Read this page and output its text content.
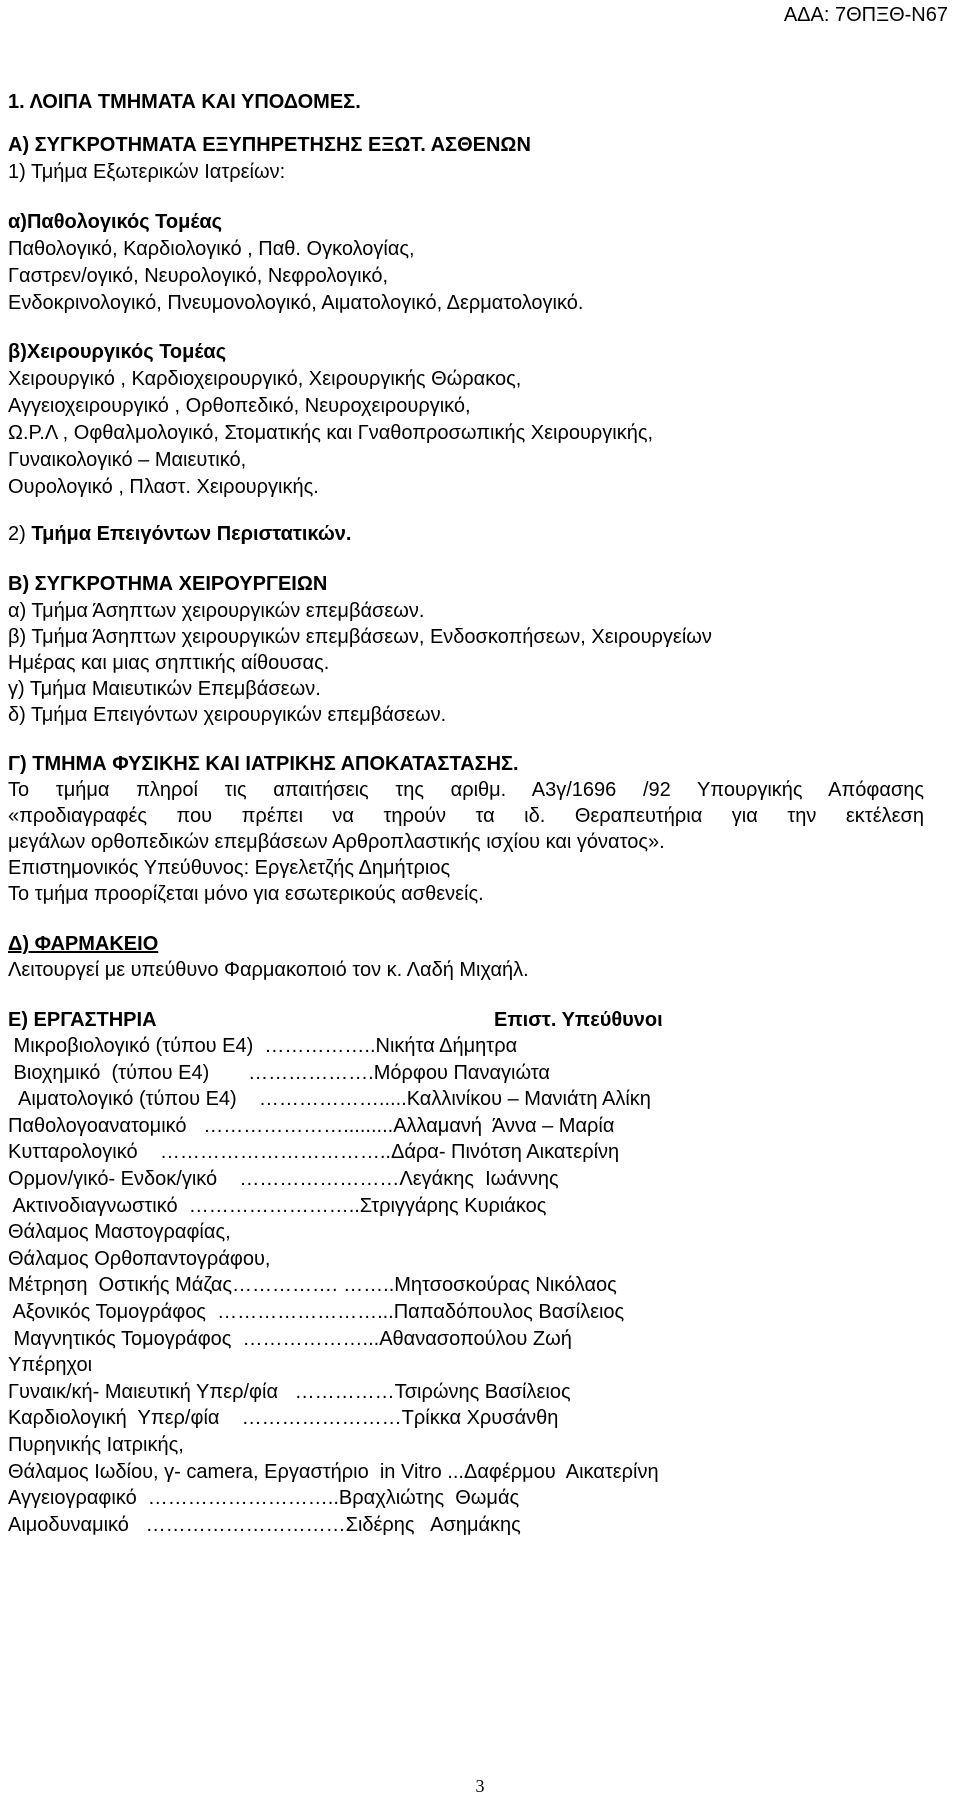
ΑΔΑ: 7ΘΠΞΘ-Ν67
1. ΛΟΙΠΑ ΤΜΗΜΑΤΑ ΚΑΙ ΥΠΟΔΟΜΕΣ.
Α) ΣΥΓΚΡΟΤΗΜΑΤΑ ΕΞΥΠΗΡΕΤΗΣΗΣ ΕΞΩΤ. ΑΣΘΕΝΩΝ
1) Τμήμα Εξωτερικών Ιατρείων:
α)Παθολογικός Τομέας
Παθολογικό, Καρδιολογικό , Παθ. Ογκολογίας,
Γαστρεν/ογικό, Νευρολογικό, Νεφρολογικό,
Ενδοκρινολογικό, Πνευμονολογικό, Αιματολογικό, Δερματολογικό.
β)Χειρουργικός Τομέας
Χειρουργικό , Καρδιοχειρουργικό, Χειρουργικής Θώρακος,
Αγγειοχειρουργικό , Ορθοπεδικό, Νευροχειρουργικό,
Ω.Ρ.Λ , Οφθαλμολογικό, Στοματικής και Γναθοπροσωπικής Χειρουργικής,
Γυναικολογικό – Μαιευτικό,
Ουρολογικό , Πλαστ. Χειρουργικής.
2) Τμήμα Επειγόντων Περιστατικών.
Β) ΣΥΓΚΡΟΤΗΜΑ ΧΕΙΡΟΥΡΓΕΙΩΝ
α) Τμήμα Άσηπτων χειρουργικών επεμβάσεων.
β) Τμήμα Άσηπτων χειρουργικών επεμβάσεων, Ενδοσκοπήσεων, Χειρουργείων
Ημέρας και μιας σηπτικής αίθουσας.
γ) Τμήμα Μαιευτικών Επεμβάσεων.
δ) Τμήμα Επειγόντων χειρουργικών επεμβάσεων.
Γ) ΤΜΗΜΑ ΦΥΣΙΚΗΣ ΚΑΙ ΙΑΤΡΙΚΗΣ ΑΠΟΚΑΤΑΣΤΑΣΗΣ.
Το τμήμα πληροί τις απαιτήσεις της αριθμ. Α3γ/1696 /92 Υπουργικής Απόφασης
«προδιαγραφές που πρέπει να τηρούν τα ιδ. Θεραπευτήρια για την εκτέλεση
μεγάλων ορθοπεδικών επεμβάσεων Αρθροπλαστικής ισχίου και γόνατος».
Επιστημονικός Υπεύθυνος: Εργελετζής Δημήτριος
Το τμήμα προορίζεται μόνο για εσωτερικούς ασθενείς.
Δ) ΦΑΡΜΑΚΕΙΟ
Λειτουργεί με υπεύθυνο Φαρμακοποιό τον κ. Λαδή Μιχαήλ.
Ε) ΕΡΓΑΣΤΗΡΙΑ	Επιστ. Υπεύθυνοι
Μικροβιολογικό (τύπου Ε4)  ……………..Νικήτα Δήμητρα
Βιοχημικό  (τύπου Ε4)       ……………….Μόρφου Παναγιώτα
Αιματολογικό (τύπου Ε4)    ……………….....Καλλινίκου – Μανιάτη Αλίκη
Παθολογοανατομικό   ………………….........Αλλαμανή  Άννα – Μαρία
Κυτταρολογικό    ……………………………..Δάρα- Πινότση Αικατερίνη
Ορμον/γικό- Ενδοκ/γικό    ……………………Λεγάκης  Ιωάννης
Ακτινοδιαγνωστικό  ……………………..Στριγγάρης Κυριάκος
Θάλαμος Μαστογραφίας,
Θάλαμος Ορθοπαντογράφου,
Μέτρηση  Οστικής Μάζας……………. ……..Μητσοσκούρας Νικόλαος
Αξονικός Τομογράφος  ……………………...Παπαδόπουλος Βασίλειος
Μαγνητικός Τομογράφος  ………………...Αθανασοπούλου Ζωή
Υπέρηχοι
Γυναικ/κή- Μαιευτική Υπερ/φία   ……………Τσιρώνης Βασίλειος
Καρδιολογική  Υπερ/φία    ……………………Τρίκκα Χρυσάνθη
Πυρηνικής Ιατρικής,
Θάλαμος Ιωδίου, γ- camera, Εργαστήριο  in Vitro ...Δαφέρμου  Αικατερίνη
Αγγειογραφικό  ………………………..Βραχλιώτης  Θωμάς
Αιμοδυναμικό   …………………………Σιδέρης   Ασημάκης
3
